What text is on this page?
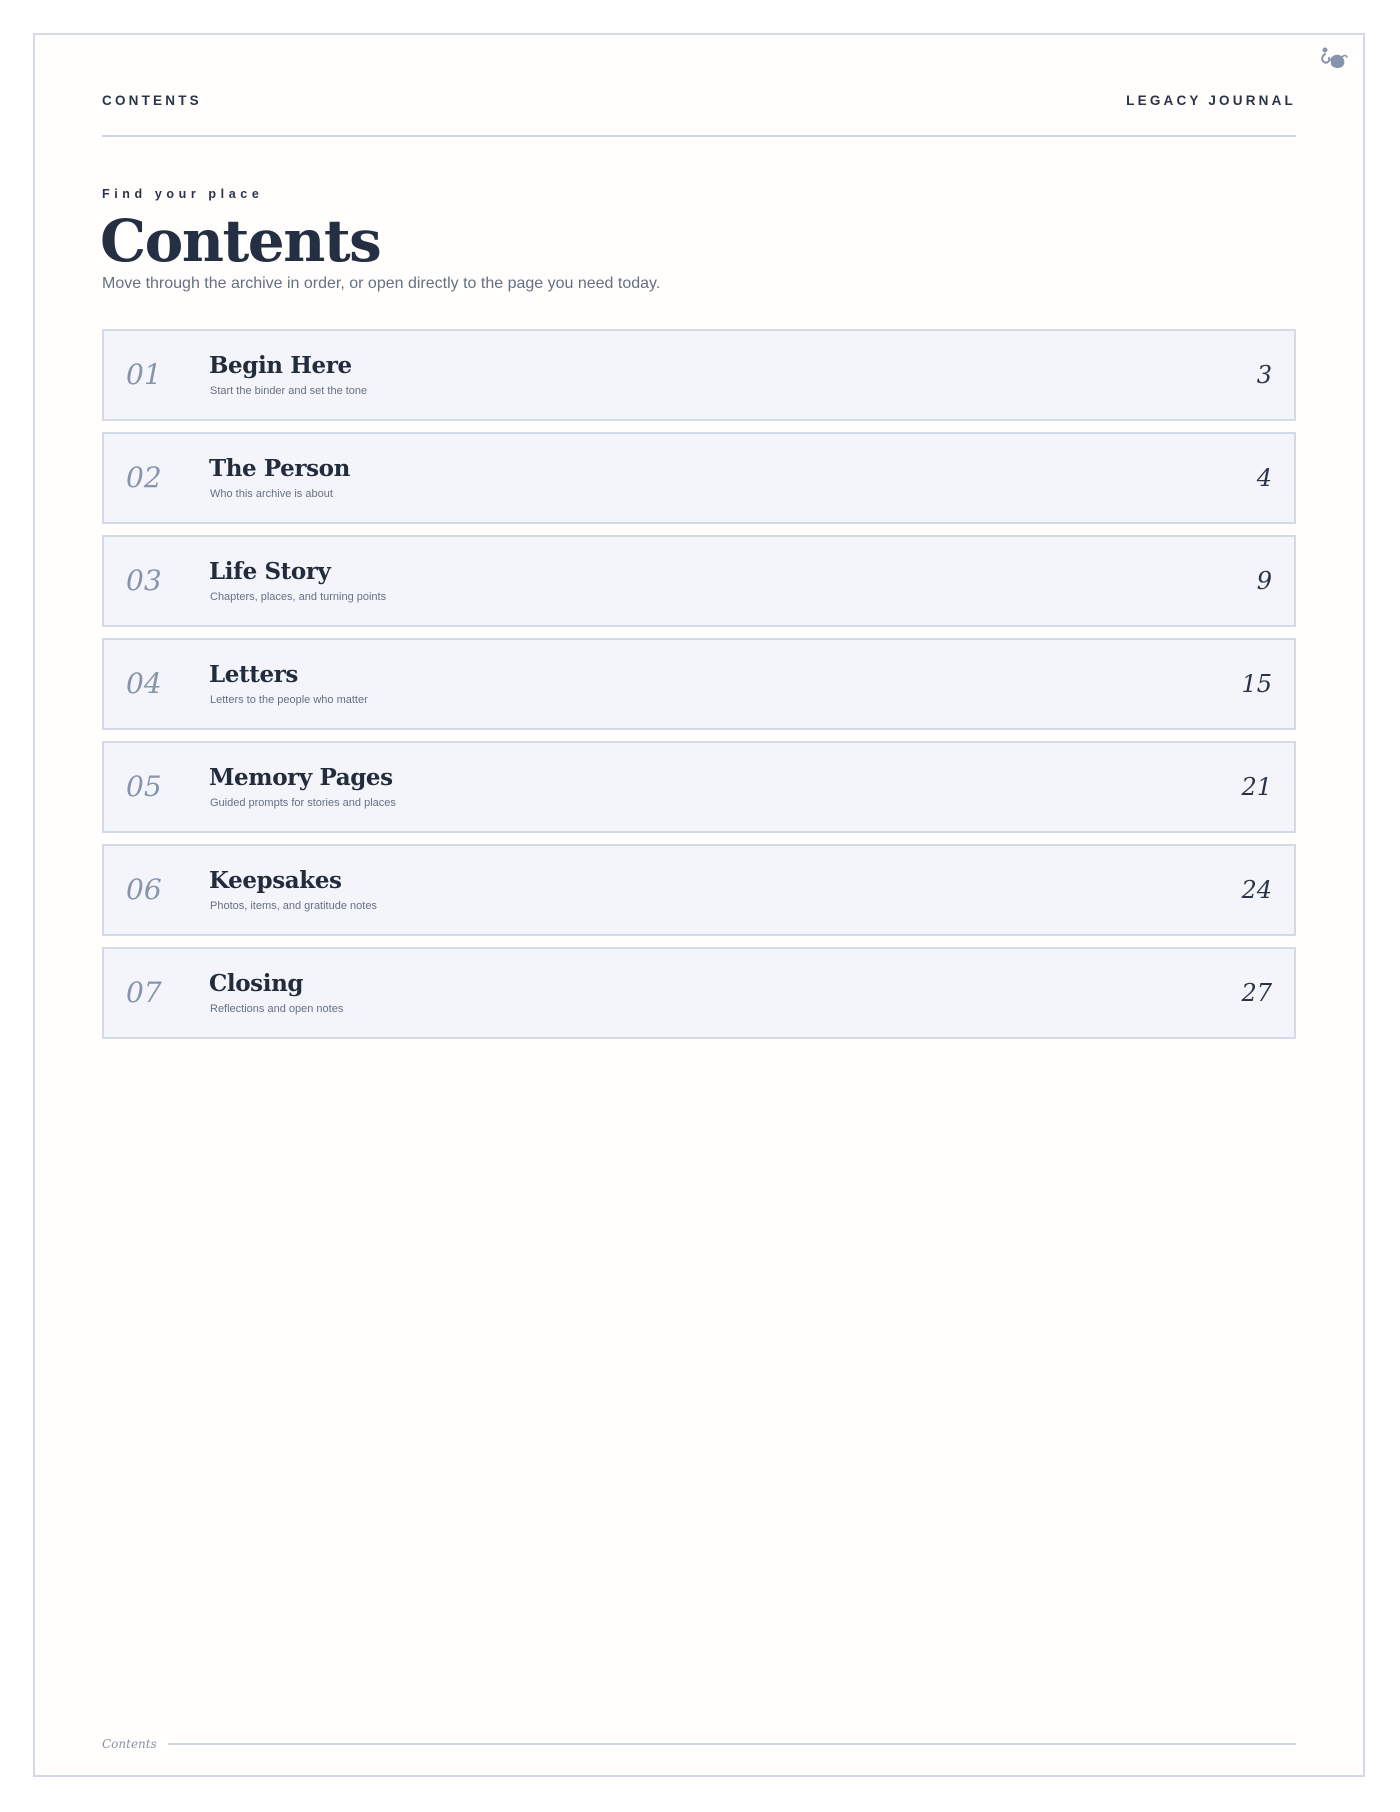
CONTENTS	LEGACY JOURNAL
Find your place
Contents
Move through the archive in order, or open directly to the page you need today.
01 Begin Here
Start the binder and set the tone
3
02 The Person
Who this archive is about
4
03 Life Story
Chapters, places, and turning points
9
04 Letters
Letters to the people who matter
15
05 Memory Pages
Guided prompts for stories and places
21
06 Keepsakes
Photos, items, and gratitude notes
24
07 Closing
Reflections and open notes
27
Contents
